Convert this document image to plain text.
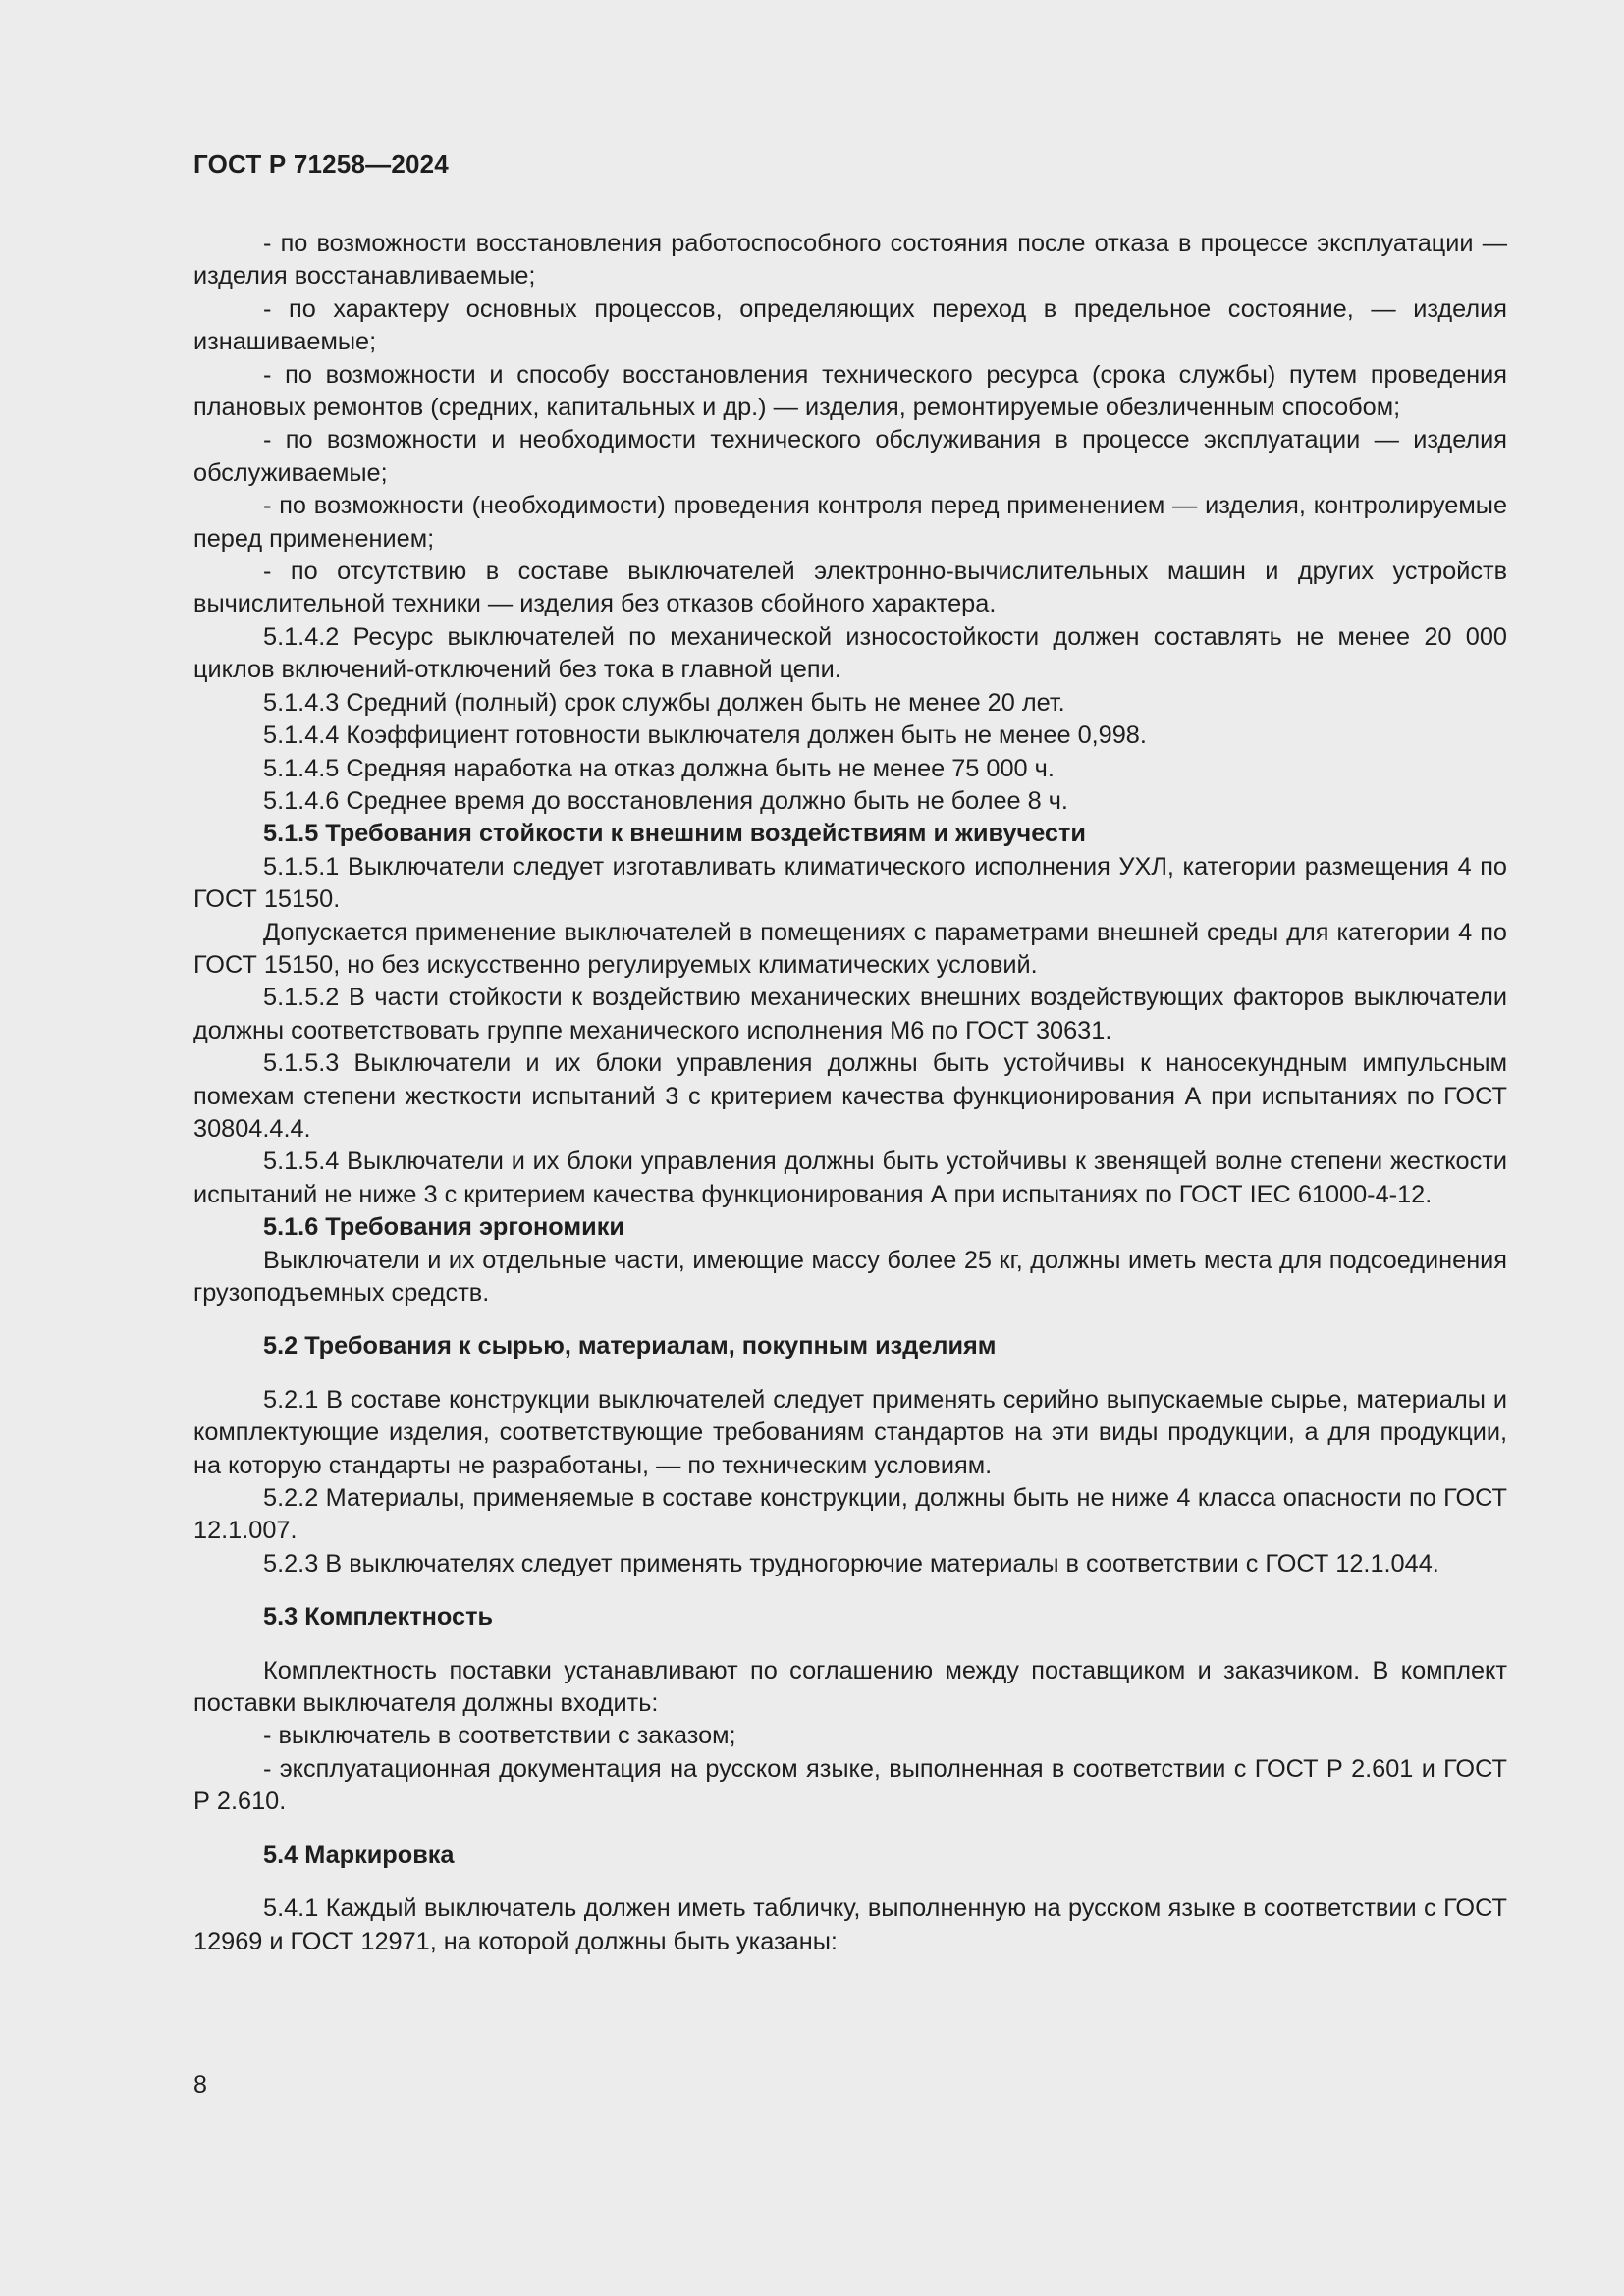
ГОСТ Р 71258—2024

- по возможности восстановления работоспособного состояния после отказа в процессе эксплуатации — изделия восстанавливаемые;

- по характеру основных процессов, определяющих переход в предельное состояние, — изделия изнашиваемые;

- по возможности и способу восстановления технического ресурса (срока службы) путем проведения плановых ремонтов (средних, капитальных и др.) — изделия, ремонтируемые обезличенным способом;

- по возможности и необходимости технического обслуживания в процессе эксплуатации — изделия обслуживаемые;

- по возможности (необходимости) проведения контроля перед применением — изделия, контролируемые перед применением;

- по отсутствию в составе выключателей электронно-вычислительных машин и других устройств вычислительной техники — изделия без отказов сбойного характера.

5.1.4.2 Ресурс выключателей по механической износостойкости должен составлять не менее 20 000 циклов включений-отключений без тока в главной цепи.

5.1.4.3 Средний (полный) срок службы должен быть не менее 20 лет.

5.1.4.4 Коэффициент готовности выключателя должен быть не менее 0,998.

5.1.4.5 Средняя наработка на отказ должна быть не менее 75 000 ч.

5.1.4.6 Среднее время до восстановления должно быть не более 8 ч.

5.1.5 Требования стойкости к внешним воздействиям и живучести

5.1.5.1 Выключатели следует изготавливать климатического исполнения УХЛ, категории размещения 4 по ГОСТ 15150.

Допускается применение выключателей в помещениях с параметрами внешней среды для категории 4 по ГОСТ 15150, но без искусственно регулируемых климатических условий.

5.1.5.2 В части стойкости к воздействию механических внешних воздействующих факторов выключатели должны соответствовать группе механического исполнения М6 по ГОСТ 30631.

5.1.5.3 Выключатели и их блоки управления должны быть устойчивы к наносекундным импульсным помехам степени жесткости испытаний 3 с критерием качества функционирования А при испытаниях по ГОСТ 30804.4.4.

5.1.5.4 Выключатели и их блоки управления должны быть устойчивы к звенящей волне степени жесткости испытаний не ниже 3 с критерием качества функционирования А при испытаниях по ГОСТ IEC 61000-4-12.

5.1.6 Требования эргономики

Выключатели и их отдельные части, имеющие массу более 25 кг, должны иметь места для подсоединения грузоподъемных средств.

5.2 Требования к сырью, материалам, покупным изделиям

5.2.1 В составе конструкции выключателей следует применять серийно выпускаемые сырье, материалы и комплектующие изделия, соответствующие требованиям стандартов на эти виды продукции, а для продукции, на которую стандарты не разработаны, — по техническим условиям.

5.2.2 Материалы, применяемые в составе конструкции, должны быть не ниже 4 класса опасности по ГОСТ 12.1.007.

5.2.3 В выключателях следует применять трудногорючие материалы в соответствии с ГОСТ 12.1.044.

5.3 Комплектность

Комплектность поставки устанавливают по соглашению между поставщиком и заказчиком. В комплект поставки выключателя должны входить:

- выключатель в соответствии с заказом;

- эксплуатационная документация на русском языке, выполненная в соответствии с ГОСТ Р 2.601 и ГОСТ Р 2.610.

5.4 Маркировка

5.4.1 Каждый выключатель должен иметь табличку, выполненную на русском языке в соответствии с ГОСТ 12969 и ГОСТ 12971, на которой должны быть указаны:

8
